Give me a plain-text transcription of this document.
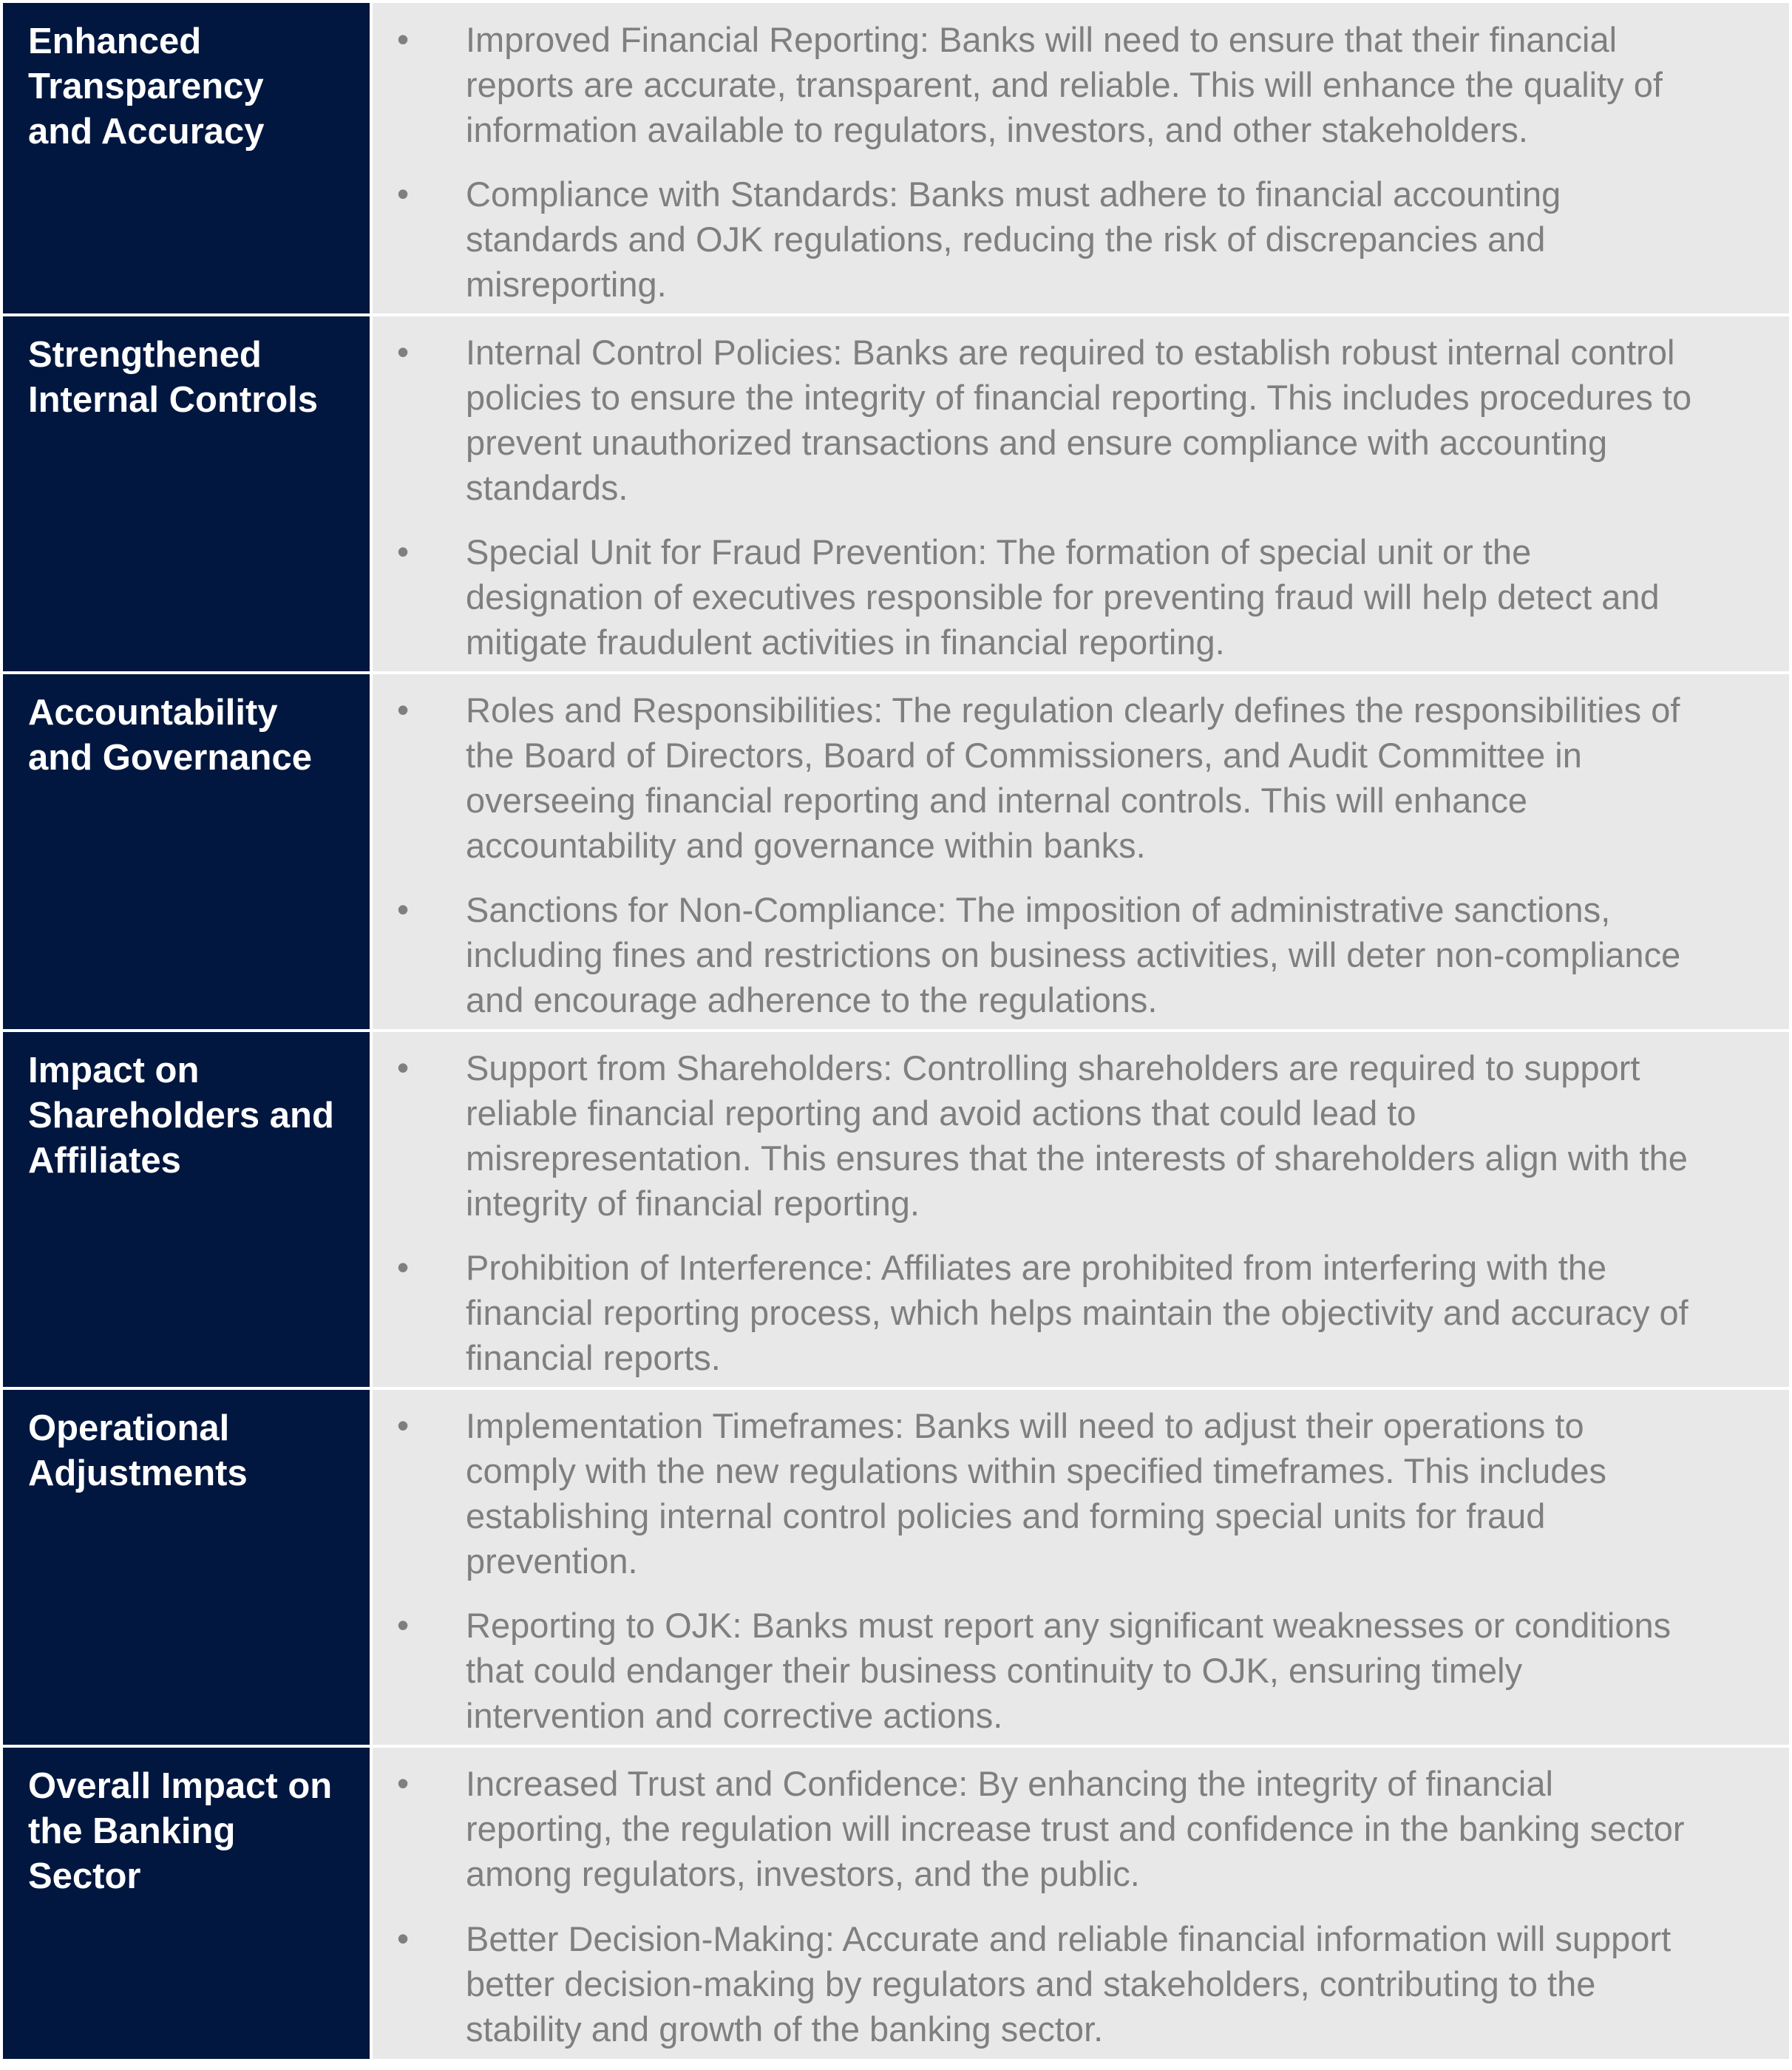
Enhanced
Transparency
and Accuracy
• Improved Financial Reporting: Banks will need to ensure that their financial
reports are accurate, transparent, and reliable. This will enhance the quality of
information available to regulators, investors, and other stakeholders.
• Compliance with Standards: Banks must adhere to financial accounting
standards and OJK regulations, reducing the risk of discrepancies and
misreporting.
Strengthened
Internal Controls
• Internal Control Policies: Banks are required to establish robust internal control
policies to ensure the integrity of financial reporting. This includes procedures to
prevent unauthorized transactions and ensure compliance with accounting
standards.
• Special Unit for Fraud Prevention: The formation of special unit or the
designation of executives responsible for preventing fraud will help detect and
mitigate fraudulent activities in financial reporting.
Accountability
and Governance
• Roles and Responsibilities: The regulation clearly defines the responsibilities of
the Board of Directors, Board of Commissioners, and Audit Committee in
overseeing financial reporting and internal controls. This will enhance
accountability and governance within banks.
• Sanctions for Non-Compliance: The imposition of administrative sanctions,
including fines and restrictions on business activities, will deter non-compliance
and encourage adherence to the regulations.
Impact on
Shareholders and
Affiliates
• Support from Shareholders: Controlling shareholders are required to support
reliable financial reporting and avoid actions that could lead to
misrepresentation. This ensures that the interests of shareholders align with the
integrity of financial reporting.
• Prohibition of Interference: Affiliates are prohibited from interfering with the
financial reporting process, which helps maintain the objectivity and accuracy of
financial reports.
Operational
Adjustments
• Implementation Timeframes: Banks will need to adjust their operations to
comply with the new regulations within specified timeframes. This includes
establishing internal control policies and forming special units for fraud
prevention.
• Reporting to OJK: Banks must report any significant weaknesses or conditions
that could endanger their business continuity to OJK, ensuring timely
intervention and corrective actions.
Overall Impact on
the Banking
Sector
• Increased Trust and Confidence: By enhancing the integrity of financial
reporting, the regulation will increase trust and confidence in the banking sector
among regulators, investors, and the public.
• Better Decision-Making: Accurate and reliable financial information will support
better decision-making by regulators and stakeholders, contributing to the
stability and growth of the banking sector.
